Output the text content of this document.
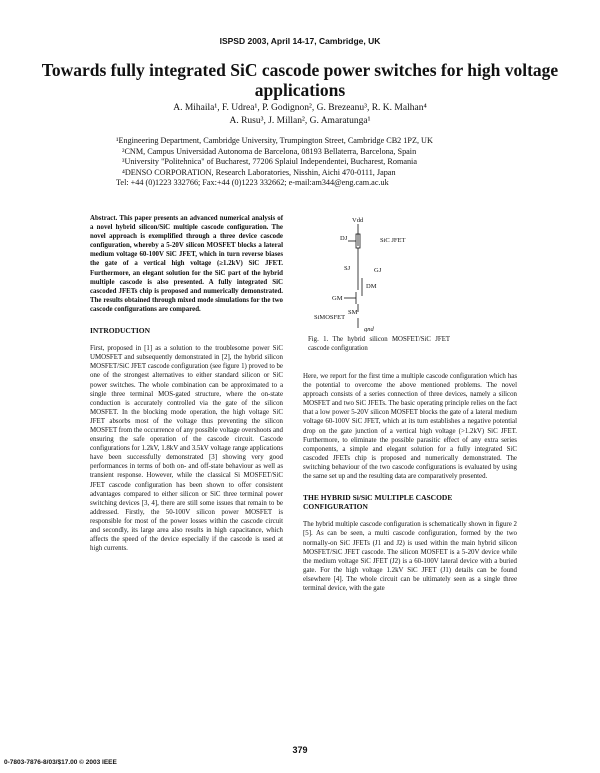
ISPSD 2003, April 14-17, Cambridge, UK
Towards fully integrated SiC cascode power switches for high voltage applications
A. Mihaila¹, F. Udrea¹, P. Godignon², G. Brezeanu³, R. K. Malhan⁴
A. Rusu³, J. Millan², G. Amaratunga¹
¹Engineering Department, Cambridge University, Trumpington Street, Cambridge CB2 1PZ, UK
²CNM, Campus Universidad Autonoma de Barcelona, 08193 Bellaterra, Barcelona, Spain
³University "Politehnica" of Bucharest, 77206 Splaiul Independentei, Bucharest, Romania
⁴DENSO CORPORATION, Research Laboratories, Nisshin, Aichi 470-0111, Japan
Tel: +44 (0)1223 332766; Fax:+44 (0)1223 332662; e-mail:am344@eng.cam.ac.uk

Abstract. This paper presents an advanced numerical analysis of a novel hybrid silicon/SiC multiple cascode configuration. The novel approach is exemplified through a three device cascode configuration, whereby a 5-20V silicon MOSFET blocks a lateral medium voltage 60-100V SiC JFET, which in turn reverse biases the gate of a vertical high voltage (≥1.2kV) SiC JFET. Furthermore, an elegant solution for the SiC part of the hybrid multiple cascode is also presented. A fully integrated SiC cascoded JFETs chip is proposed and numerically demonstrated. The results obtained through mixed mode simulations for the two cascode configurations are compared.

INTRODUCTION

First, proposed in [1] as a solution to the troublesome power SiC UMOSFET and subsequently demonstrated in [2], the hybrid silicon MOSFET/SiC JFET cascode configuration (see figure 1) proved to be one of the strongest alternatives to either standard silicon or SiC power switches. The whole combination can be approximated to a single three terminal MOS-gated structure, where the on-state conduction is accurately controlled via the gate of the silicon MOSFET. In the blocking mode operation, the high voltage SiC JFET absorbs most of the voltage thus preventing the silicon MOSFET from the occurrence of any possible voltage overshoots and ensuring the safe operation of the cascode circuit. Cascode configurations for 1.2kV, 1.8kV and 3.5kV voltage range applications have been successfully demonstrated [3] showing very good performances in terms of both on- and off-state behaviour as well as transient response. However, while the classical Si MOSFET/SiC JFET cascode configuration has been shown to offer consistent advantages compared to either silicon or SiC three terminal power switching devices [3, 4], there are still some issues that remain to be addressed. Firstly, the 50-100V silicon power MOSFET is responsible for most of the power losses within the cascode circuit and secondly, its large area also results in high capacitance, which affects the speed of the device especially if the cascode is used at high currents.

Vdd
DJ	SiC JFET
SJ	GJ
DM
GM
SM
SiMOSFET
gnd
Fig. 1. The hybrid silicon MOSFET/SiC JFET cascode configuration

Here, we report for the first time a multiple cascode configuration which has the potential to overcome the above mentioned problems. The novel approach consists of a series connection of three devices, namely a silicon MOSFET and two SiC JFETs. The basic operating principle relies on the fact that a low power 5-20V silicon MOSFET blocks the gate of a lateral medium voltage 60-100V SiC JFET, which at its turn establishes a negative potential drop on the gate junction of a vertical high voltage (>1.2kV) SiC JFET. Furthermore, to eliminate the possible parasitic effect of any extra series components, a simple and elegant solution for a fully integrated SiC cascoded JFETs chip is proposed and numerically demonstrated. The switching behaviour of the two cascode configurations is evaluated by using the same set up and the resulting data are comparatively presented.

THE HYBRID Si/SiC MULTIPLE CASCODE CONFIGURATION

The hybrid multiple cascode configuration is schematically shown in figure 2 [5]. As can be seen, a multi cascode configuration, formed by the two normally-on SiC JFETs (J1 and J2) is used within the main hybrid silicon MOSFET/SiC JFET cascode. The silicon MOSFET is a 5-20V device while the medium voltage SiC JFET (J2) is a 60-100V lateral device with a buried gate. For the high voltage 1.2kV SiC JFET (J1) details can be found elsewhere [4]. The whole circuit can be ultimately seen as a single three terminal device, with the gate

379
0-7803-7876-8/03/$17.00 © 2003 IEEE
